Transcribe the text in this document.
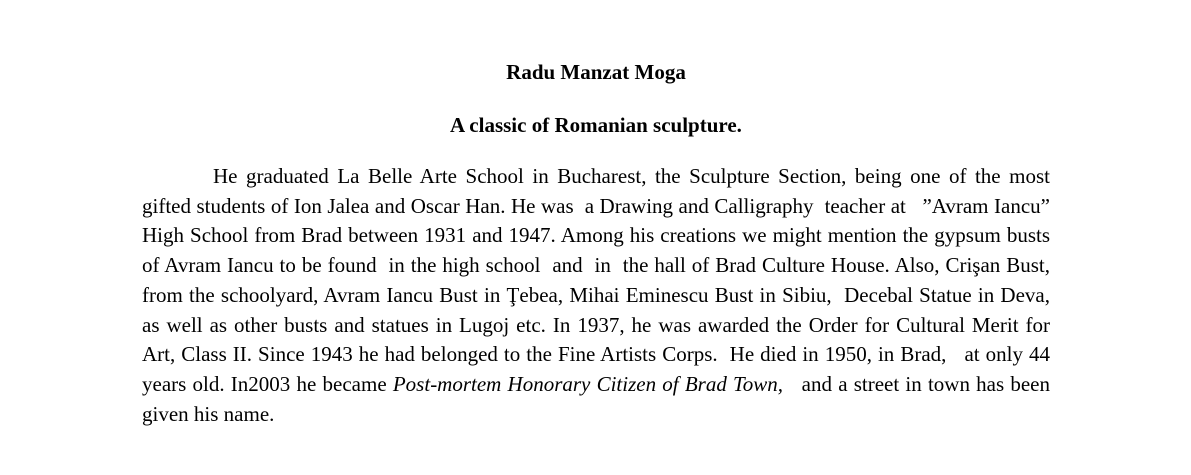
Radu Manzat Moga
A classic of Romanian sculpture.
He graduated La Belle Arte School in Bucharest, the Sculpture Section, being one of the most gifted students of Ion Jalea and Oscar Han. He was  a Drawing and Calligraphy  teacher at   ”Avram Iancu” High School from Brad between 1931 and 1947. Among his creations we might mention the gypsum busts of Avram Iancu to be found  in the high school  and  in  the hall of Brad Culture House. Also, Crişan Bust, from the schoolyard, Avram Iancu Bust in Ţebea, Mihai Eminescu Bust in Sibiu,  Decebal Statue in Deva, as well as other busts and statues in Lugoj etc. In 1937, he was awarded the Order for Cultural Merit for Art, Class II. Since 1943 he had belonged to the Fine Artists Corps.  He died in 1950, in Brad,   at only 44 years old. In2003 he became Post-mortem Honorary Citizen of Brad Town,   and a street in town has been given his name.
